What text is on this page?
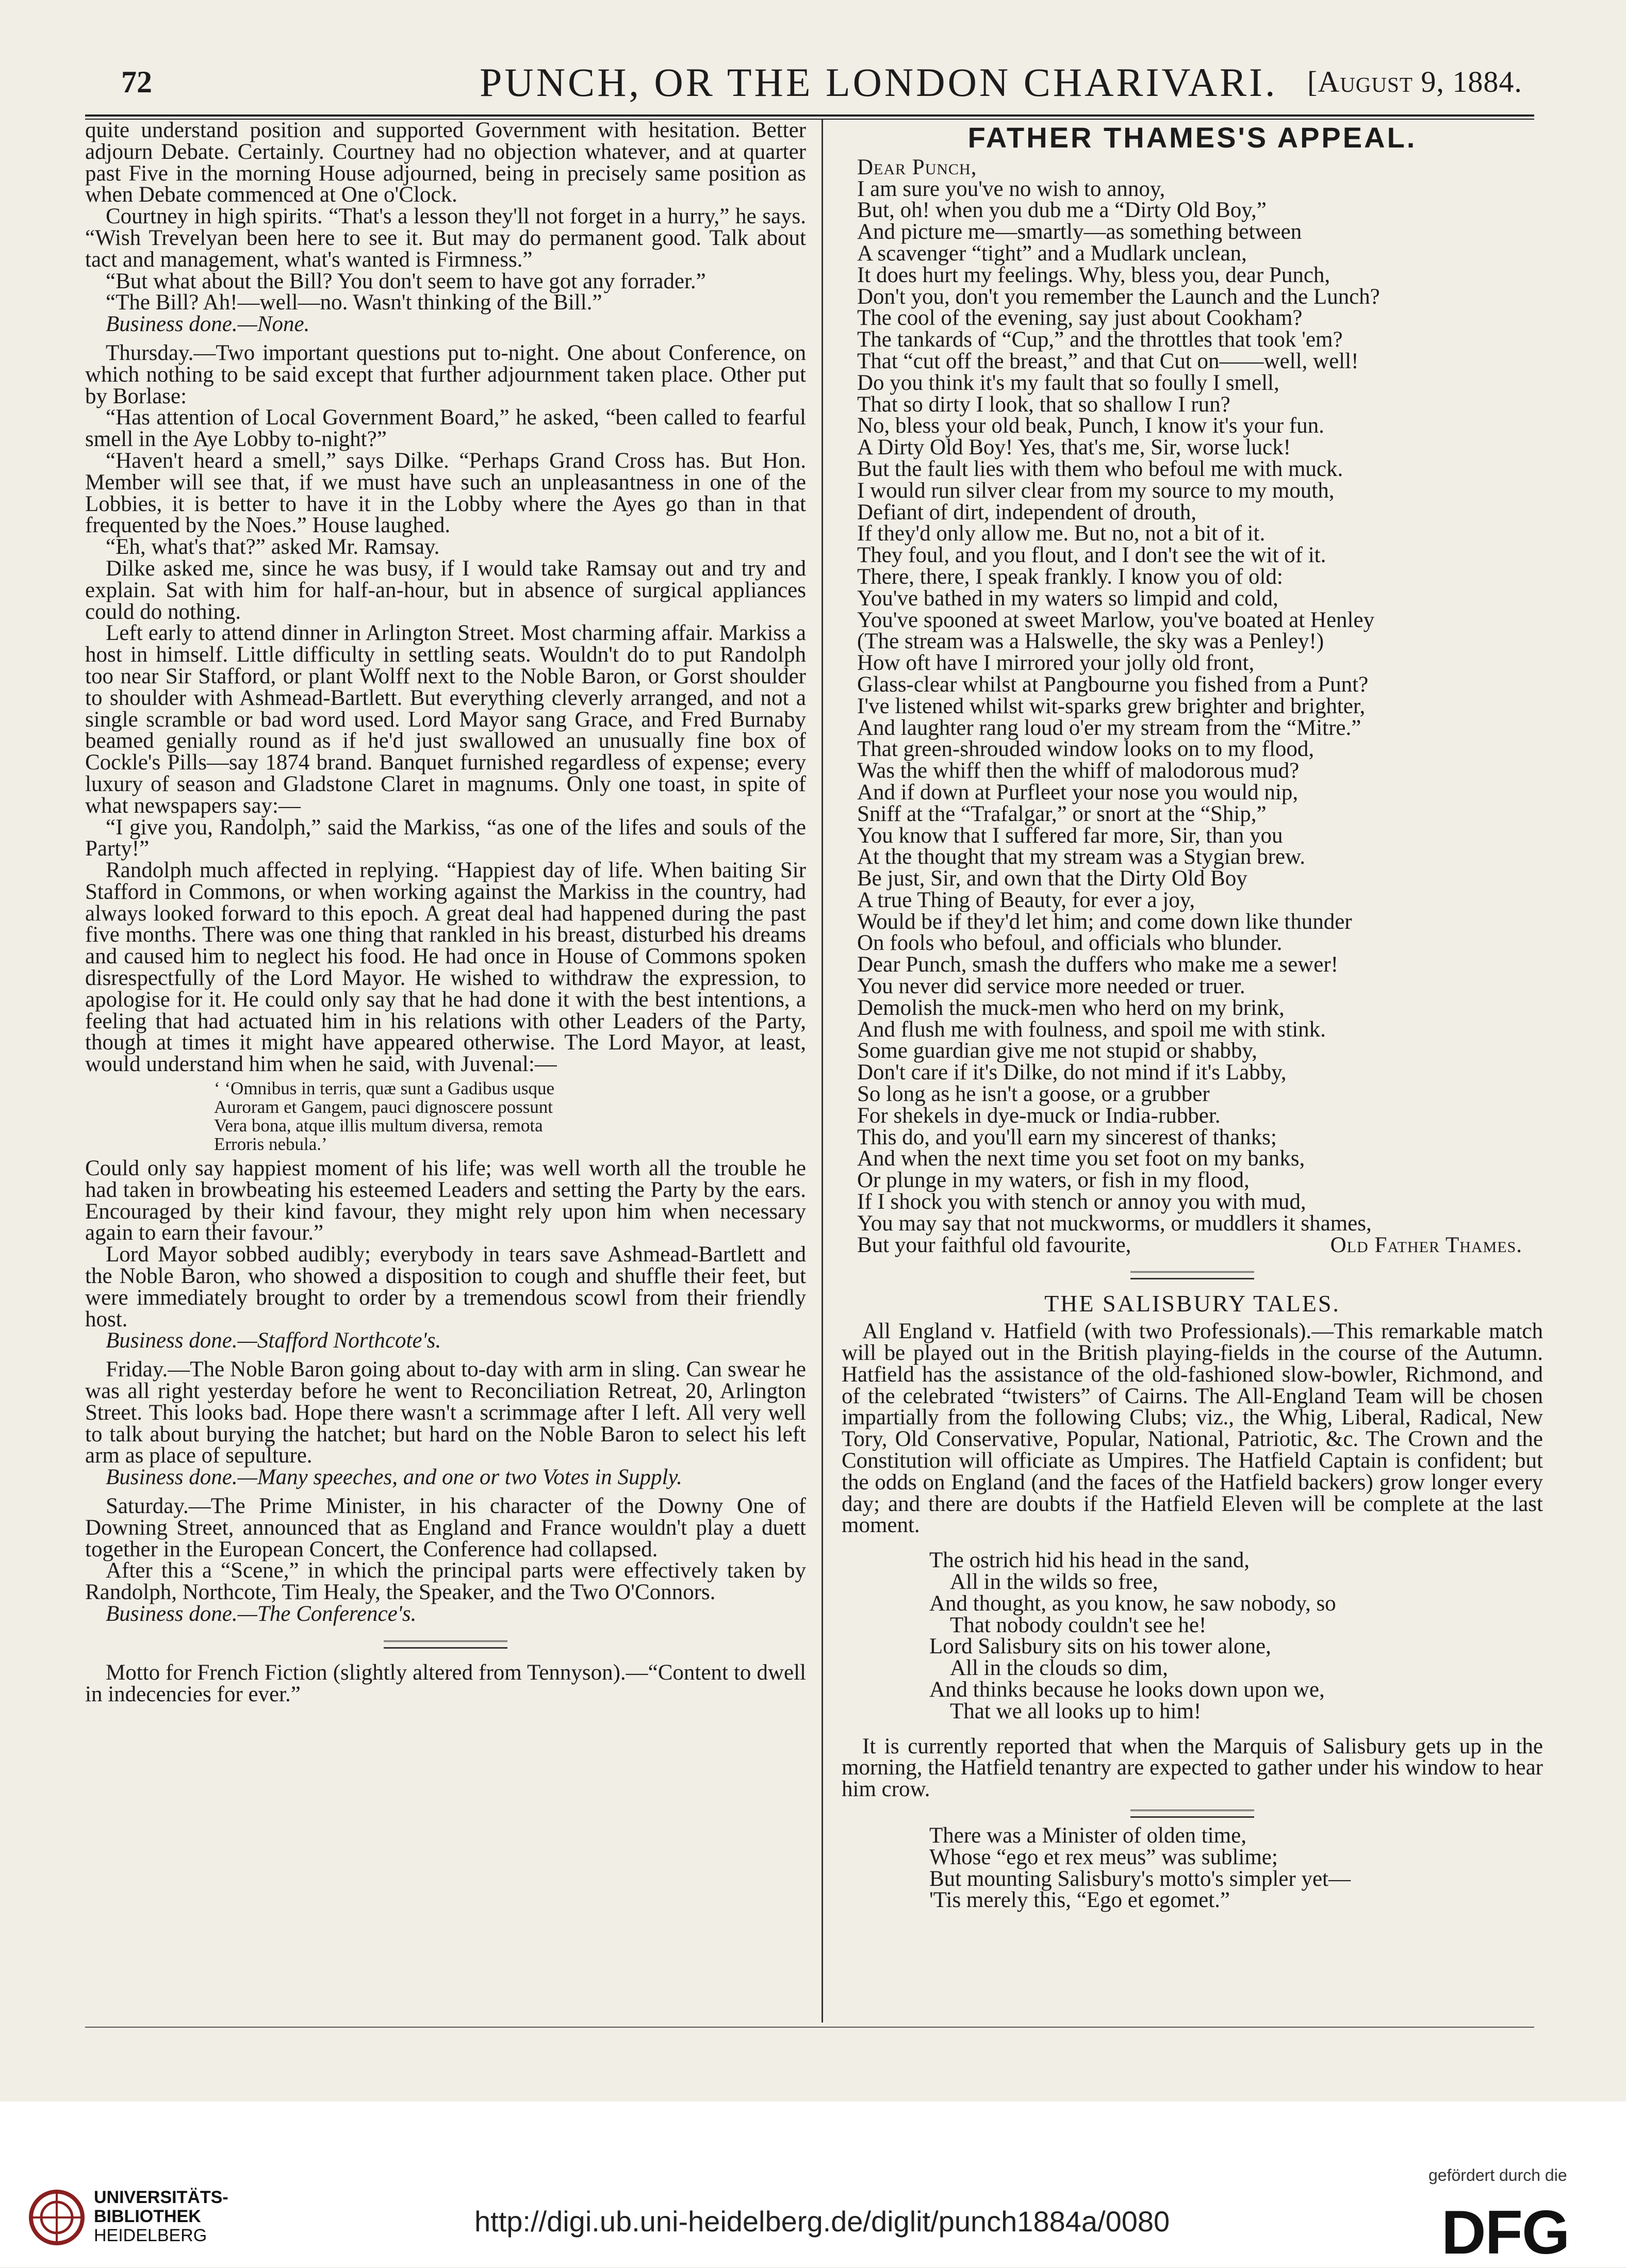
72	PUNCH, OR THE LONDON CHARIVARI. [August 9, 1884.

quite understand position and supported Government with hesitation. Better adjourn Debate. Certainly. Courtney had no objection whatever, and at quarter past Five in the morning House adjourned, being in precisely same position as when Debate commenced at One o'Clock.

Courtney in high spirits. “That's a lesson they'll not forget in a hurry,” he says. “Wish Trevelyan been here to see it. But may do permanent good. Talk about tact and management, what's wanted is Firmness.”

“But what about the Bill? You don't seem to have got any forrader.”

“The Bill? Ah!—well—no. Wasn't thinking of the Bill.”

Business done.—None.

Thursday.—Two important questions put to-night. One about Conference, on which nothing to be said except that further adjournment taken place. Other put by Borlase:

“Has attention of Local Government Board,” he asked, “been called to fearful smell in the Aye Lobby to-night?”

“Haven't heard a smell,” says Dilke. “Perhaps Grand Cross has. But Hon. Member will see that, if we must have such an unpleasantness in one of the Lobbies, it is better to have it in the Lobby where the Ayes go than in that frequented by the Noes.” House laughed.

“Eh, what's that?” asked Mr. Ramsay.

Dilke asked me, since he was busy, if I would take Ramsay out and try and explain. Sat with him for half-an-hour, but in absence of surgical appliances could do nothing.

Left early to attend dinner in Arlington Street. Most charming affair. Markiss a host in himself. Little difficulty in settling seats. Wouldn't do to put Randolph too near Sir Stafford, or plant Wolff next to the Noble Baron, or Gorst shoulder to shoulder with Ashmead-Bartlett. But everything cleverly arranged, and not a single scramble or bad word used. Lord Mayor sang Grace, and Fred Burnaby beamed genially round as if he'd just swallowed an unusually fine box of Cockle's Pills—say 1874 brand. Banquet furnished regardless of expense; every luxury of season and Gladstone Claret in magnums. Only one toast, in spite of what newspapers say:—

“I give you, Randolph,” said the Markiss, “as one of the lifes and souls of the Party!”

Randolph much affected in replying. “Happiest day of life. When baiting Sir Stafford in Commons, or when working against the Markiss in the country, had always looked forward to this epoch. A great deal had happened during the past five months. There was one thing that rankled in his breast, disturbed his dreams and caused him to neglect his food. He had once in House of Commons spoken disrespectfully of the Lord Mayor. He wished to withdraw the expression, to apologise for it. He could only say that he had done it with the best intentions, a feeling that had actuated him in his relations with other Leaders of the Party, though at times it might have appeared otherwise. The Lord Mayor, at least, would understand him when he said, with Juvenal:—

‘ ‘Omnibus in terris, quæ sunt a Gadibus usque
Auroram et Gangem, pauci dignoscere possunt
Vera bona, atque illis multum diversa, remota
Erroris nebula.’

Could only say happiest moment of his life; was well worth all the trouble he had taken in browbeating his esteemed Leaders and setting the Party by the ears. Encouraged by their kind favour, they might rely upon him when necessary again to earn their favour.”

Lord Mayor sobbed audibly; everybody in tears save Ashmead-Bartlett and the Noble Baron, who showed a disposition to cough and shuffle their feet, but were immediately brought to order by a tremendous scowl from their friendly host.

Business done.—Stafford Northcote's.

Friday.—The Noble Baron going about to-day with arm in sling. Can swear he was all right yesterday before he went to Reconciliation Retreat, 20, Arlington Street. This looks bad. Hope there wasn't a scrimmage after I left. All very well to talk about burying the hatchet; but hard on the Noble Baron to select his left arm as place of sepulture.

Business done.—Many speeches, and one or two Votes in Supply.

Saturday.—The Prime Minister, in his character of the Downy One of Downing Street, announced that as England and France wouldn't play a duett together in the European Concert, the Conference had collapsed.

After this a “Scene,” in which the principal parts were effectively taken by Randolph, Northcote, Tim Healy, the Speaker, and the Two O'Connors.

Business done.—The Conference's.

Motto for French Fiction (slightly altered from Tennyson).—“Content to dwell in indecencies for ever.”

FATHER THAMES'S APPEAL.

Dear Punch,

I am sure you've no wish to annoy,
But, oh! when you dub me a “Dirty Old Boy,”
And picture me—smartly—as something between
A scavenger “tight” and a Mudlark unclean,
It does hurt my feelings. Why, bless you, dear Punch,
Don't you, don't you remember the Launch and the Lunch?
The cool of the evening, say just about Cookham?
The tankards of “Cup,” and the throttles that took 'em?
That “cut off the breast,” and that Cut on——well, well!
Do you think it's my fault that so foully I smell,
That so dirty I look, that so shallow I run?
No, bless your old beak, Punch, I know it's your fun.
A Dirty Old Boy! Yes, that's me, Sir, worse luck!
But the fault lies with them who befoul me with muck.
I would run silver clear from my source to my mouth,
Defiant of dirt, independent of drouth,
If they'd only allow me. But no, not a bit of it.
They foul, and you flout, and I don't see the wit of it.
There, there, I speak frankly. I know you of old:
You've bathed in my waters so limpid and cold,
You've spooned at sweet Marlow, you've boated at Henley
(The stream was a Halswelle, the sky was a Penley!)
How oft have I mirrored your jolly old front,
Glass-clear whilst at Pangbourne you fished from a Punt?
I've listened whilst wit-sparks grew brighter and brighter,
And laughter rang loud o'er my stream from the “Mitre.”
That green-shrouded window looks on to my flood,
Was the whiff then the whiff of malodorous mud?
And if down at Purfleet your nose you would nip,
Sniff at the “Trafalgar,” or snort at the “Ship,”
You know that I suffered far more, Sir, than you
At the thought that my stream was a Stygian brew.
Be just, Sir, and own that the Dirty Old Boy
A true Thing of Beauty, for ever a joy,
Would be if they'd let him; and come down like thunder
On fools who befoul, and officials who blunder.
Dear Punch, smash the duffers who make me a sewer!
You never did service more needed or truer.
Demolish the muck-men who herd on my brink,
And flush me with foulness, and spoil me with stink.
Some guardian give me not stupid or shabby,
Don't care if it's Dilke, do not mind if it's Labby,
So long as he isn't a goose, or a grubber
For shekels in dye-muck or India-rubber.
This do, and you'll earn my sincerest of thanks;
And when the next time you set foot on my banks,
Or plunge in my waters, or fish in my flood,
If I shock you with stench or annoy you with mud,
You may say that not muckworms, or muddlers it shames,
But your faithful old favourite,	Old Father Thames.
THE SALISBURY TALES.

All England v. Hatfield (with two Professionals).—This remarkable match will be played out in the British playing-fields in the course of the Autumn. Hatfield has the assistance of the old-fashioned slow-bowler, Richmond, and of the celebrated “twisters” of Cairns. The All-England Team will be chosen impartially from the following Clubs; viz., the Whig, Liberal, Radical, New Tory, Old Conservative, Popular, National, Patriotic, &c. The Crown and the Constitution will officiate as Umpires. The Hatfield Captain is confident; but the odds on England (and the faces of the Hatfield backers) grow longer every day; and there are doubts if the Hatfield Eleven will be complete at the last moment.

The ostrich hid his head in the sand,
All in the wilds so free,
And thought, as you know, he saw nobody, so
That nobody couldn't see he!
Lord Salisbury sits on his tower alone,
All in the clouds so dim,
And thinks because he looks down upon we,
That we all looks up to him!

It is currently reported that when the Marquis of Salisbury gets up in the morning, the Hatfield tenantry are expected to gather under his window to hear him crow.

There was a Minister of olden time,
Whose “ego et rex meus” was sublime;
But mounting Salisbury's motto's simpler yet—
'Tis merely this, “Ego et egomet.”
UNIVERSITÄTS-
BIBLIOTHEK
HEIDELBERG	http://digi.ub.uni-heidelberg.de/diglit/punch1884a/0080
gefördert durch die
DFG
